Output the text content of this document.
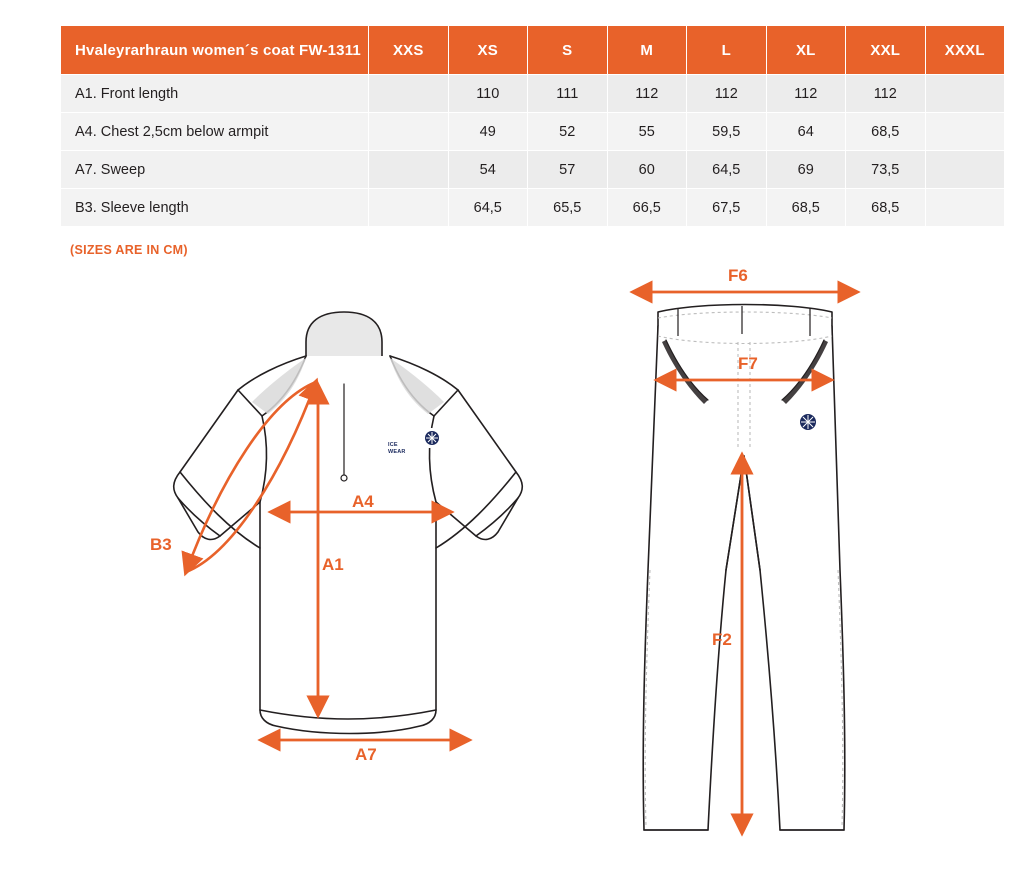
Hvaleyrarhraun women´s coat FW-1311	XXS	XS	S	M	L	XL	XXL	XXXL
A1. Front length		110	111	112	112	112	112	
A4. Chest 2,5cm below armpit		49	52	55	59,5	64	68,5	
A7. Sweep		54	57	60	64,5	69	73,5	
B3. Sleeve length		64,5	65,5	66,5	67,5	68,5	68,5	
(SIZES ARE IN CM)
ICE
WEAR
B3
A4
A1
A7
F6
F7
F2
